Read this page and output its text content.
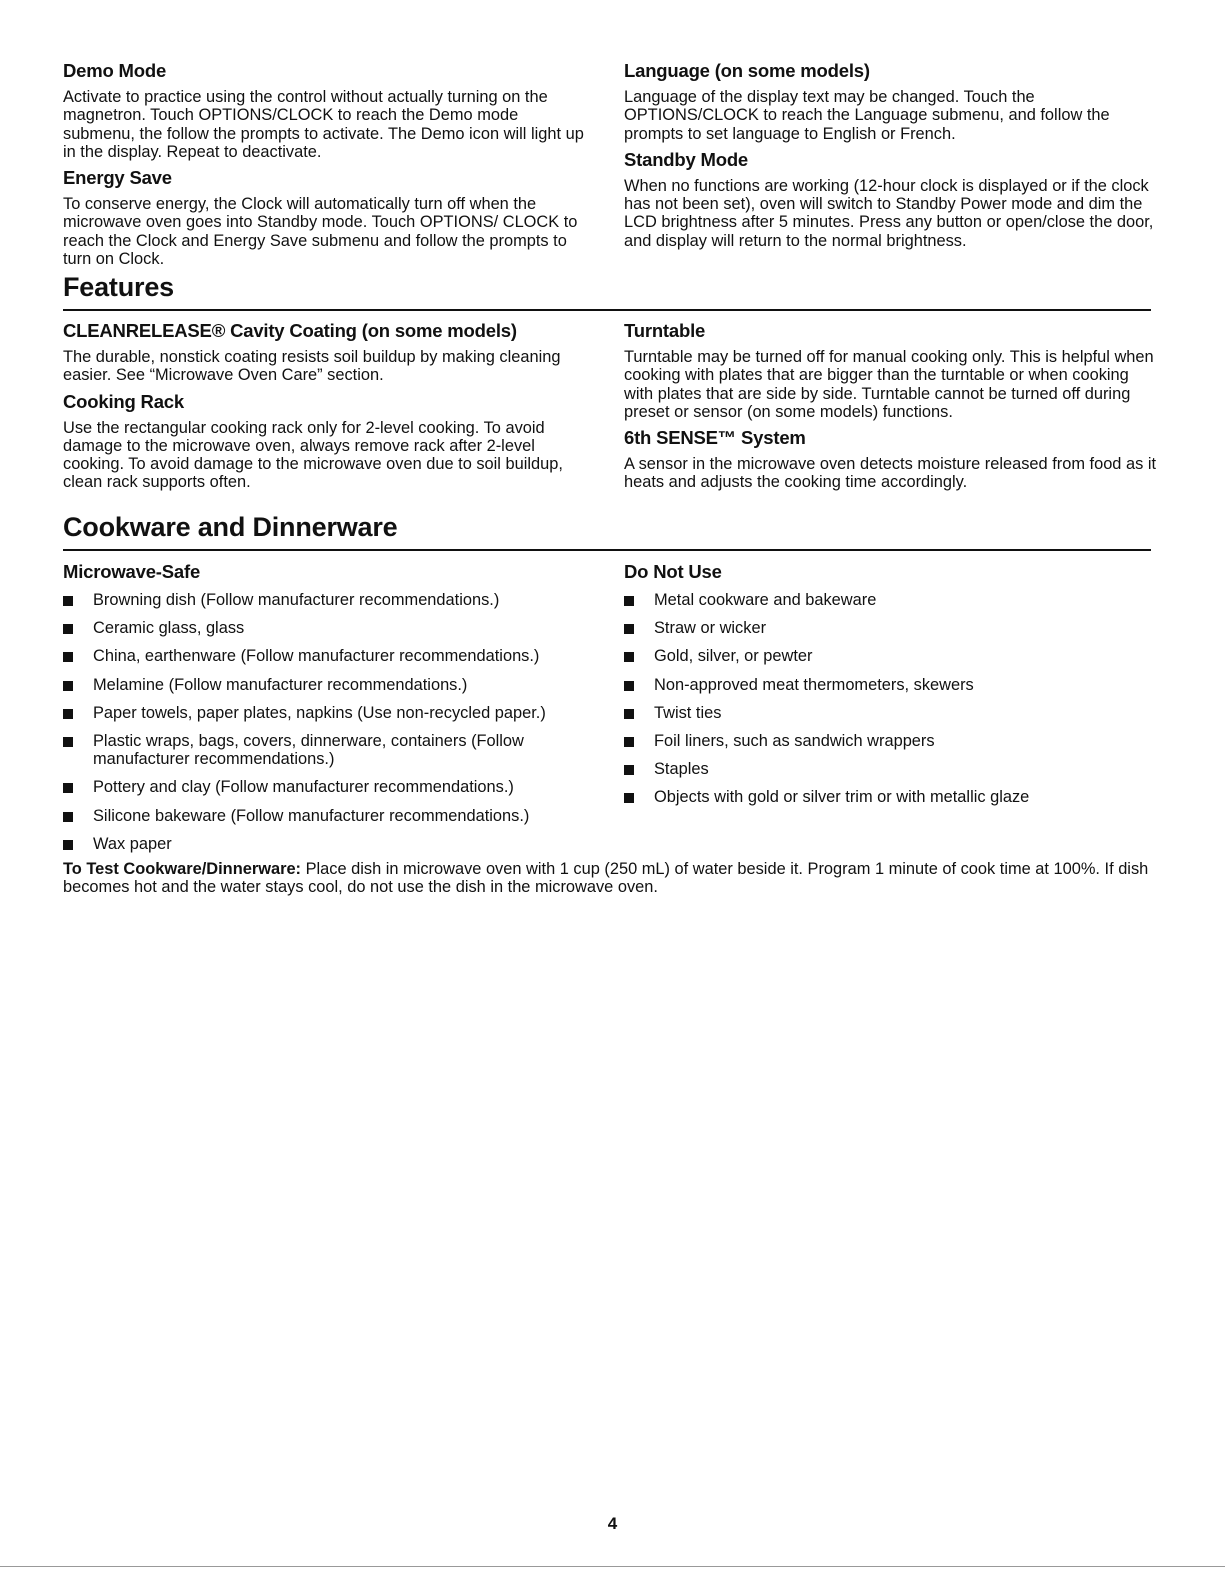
Demo Mode

Activate to practice using the control without actually turning on the magnetron. Touch OPTIONS/CLOCK to reach the Demo mode submenu, the follow the prompts to activate. The Demo icon will light up in the display. Repeat to deactivate.

Energy Save

To conserve energy, the Clock will automatically turn off when the microwave oven goes into Standby mode. Touch OPTIONS/ CLOCK to reach the Clock and Energy Save submenu and follow the prompts to turn on Clock.

Language (on some models)

Language of the display text may be changed. Touch the OPTIONS/CLOCK to reach the Language submenu, and follow the prompts to set language to English or French.

Standby Mode

When no functions are working (12-hour clock is displayed or if the clock has not been set), oven will switch to Standby Power mode and dim the LCD brightness after 5 minutes. Press any button or open/close the door, and display will return to the normal brightness.

Features
CLEANRELEASE® Cavity Coating (on some models)

The durable, nonstick coating resists soil buildup by making cleaning easier. See “Microwave Oven Care” section.

Cooking Rack

Use the rectangular cooking rack only for 2-level cooking. To avoid damage to the microwave oven, always remove rack after 2-level cooking. To avoid damage to the microwave oven due to soil buildup, clean rack supports often.

Turntable

Turntable may be turned off for manual cooking only. This is helpful when cooking with plates that are bigger than the turntable or when cooking with plates that are side by side. Turntable cannot be turned off during preset or sensor (on some models) functions.

6th SENSE™ System

A sensor in the microwave oven detects moisture released from food as it heats and adjusts the cooking time accordingly.

Cookware and Dinnerware
Microwave-Safe
Browning dish (Follow manufacturer recommendations.)
Ceramic glass, glass
China, earthenware (Follow manufacturer recommendations.)
Melamine (Follow manufacturer recommendations.)
Paper towels, paper plates, napkins (Use non-recycled paper.)
Plastic wraps, bags, covers, dinnerware, containers (Follow manufacturer recommendations.)
Pottery and clay (Follow manufacturer recommendations.)
Silicone bakeware (Follow manufacturer recommendations.)
Wax paper
Do Not Use
Metal cookware and bakeware
Straw or wicker
Gold, silver, or pewter
Non-approved meat thermometers, skewers
Twist ties
Foil liners, such as sandwich wrappers
Staples
Objects with gold or silver trim or with metallic glaze

To Test Cookware/Dinnerware: Place dish in microwave oven with 1 cup (250 mL) of water beside it. Program 1 minute of cook time at 100%. If dish becomes hot and the water stays cool, do not use the dish in the microwave oven.

4
